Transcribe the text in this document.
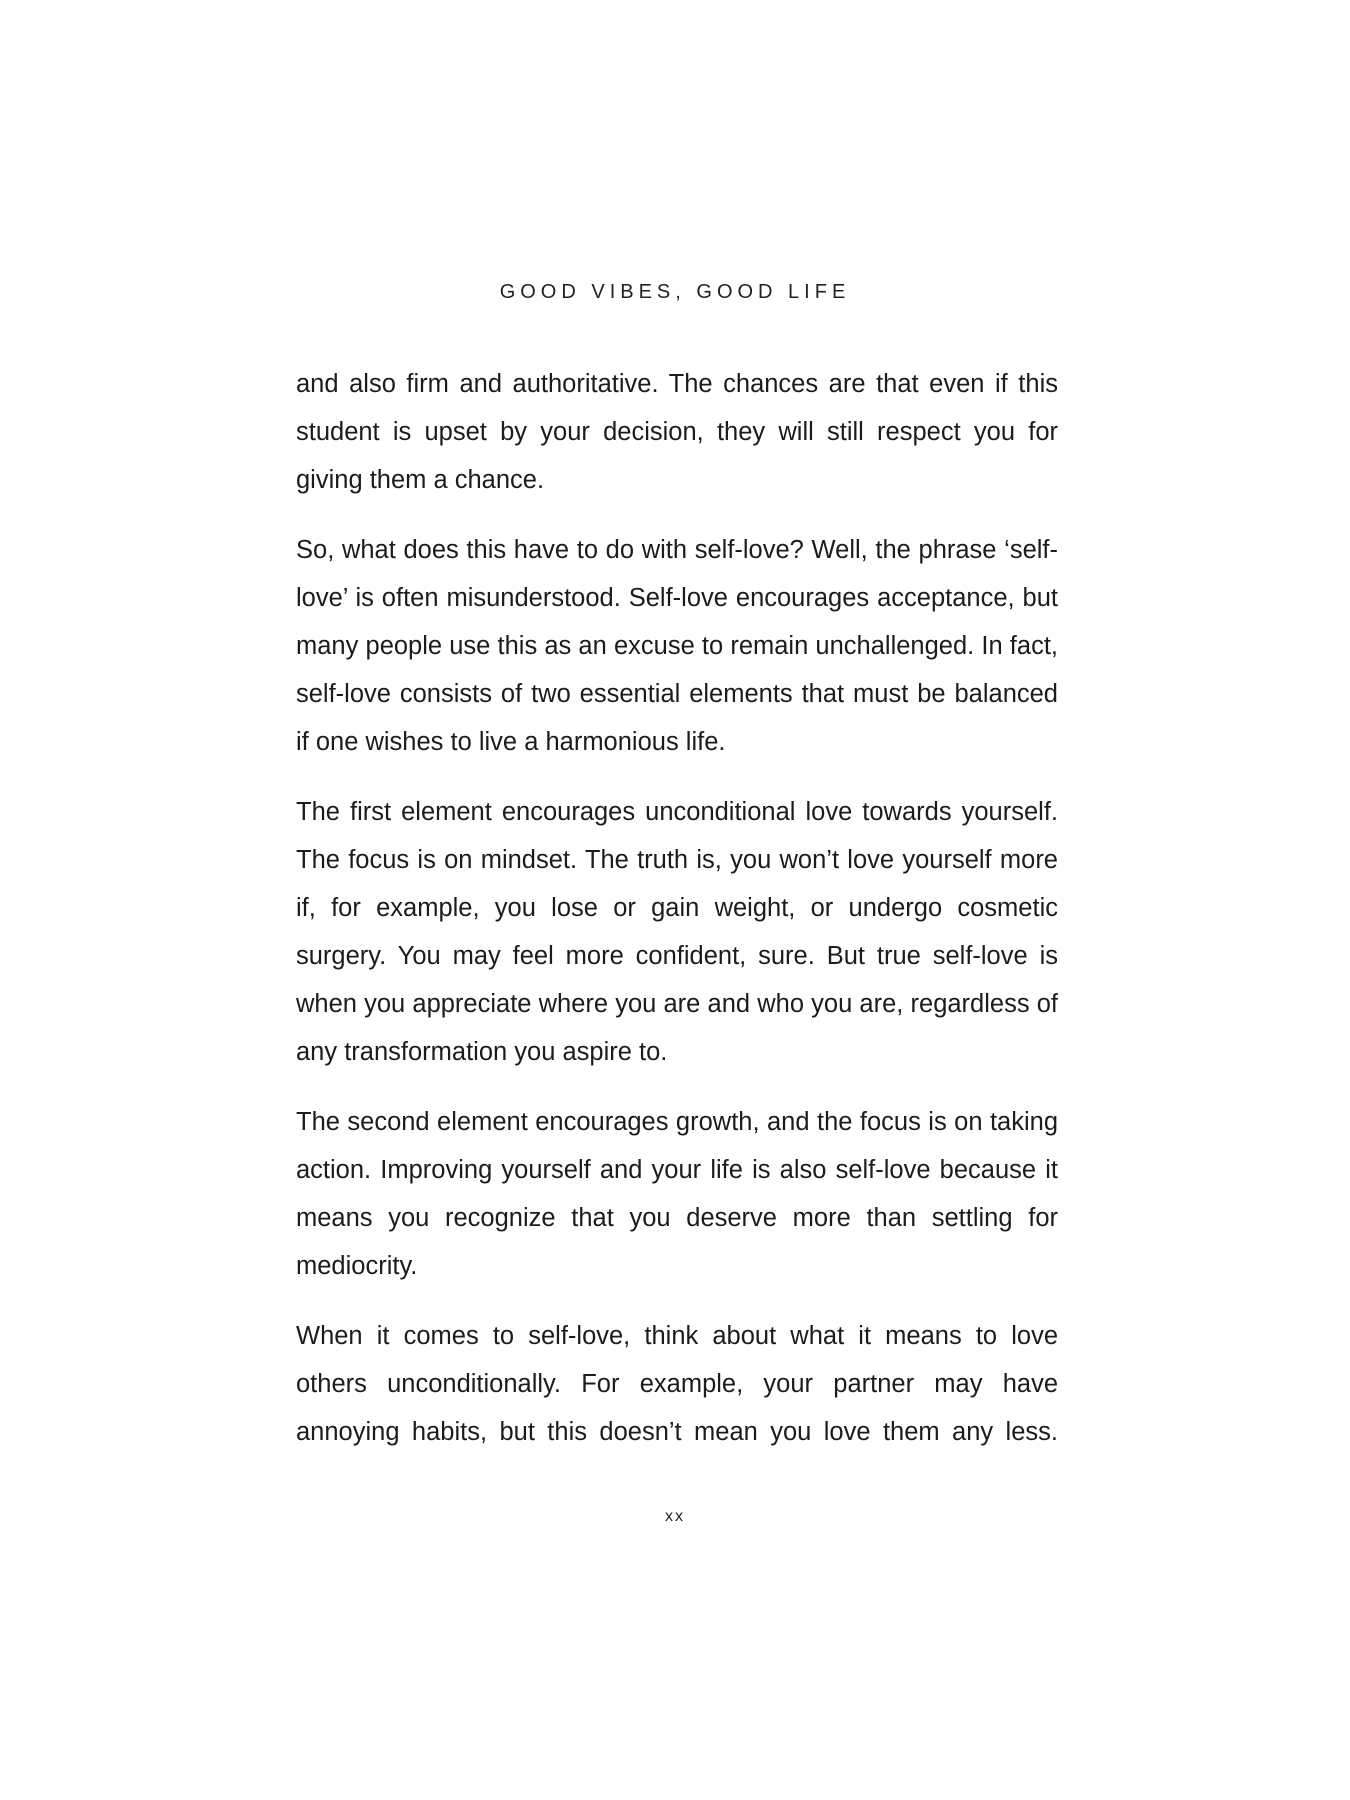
GOOD VIBES, GOOD LIFE

and also firm and authoritative. The chances are that even if this student is upset by your decision, they will still respect you for giving them a chance.

So, what does this have to do with self-love? Well, the phrase ‘self-love’ is often misunderstood. Self-love encourages acceptance, but many people use this as an excuse to remain unchallenged. In fact, self-love consists of two essential elements that must be balanced if one wishes to live a harmonious life.

The first element encourages unconditional love towards yourself. The focus is on mindset. The truth is, you won’t love yourself more if, for example, you lose or gain weight, or undergo cosmetic surgery. You may feel more confident, sure. But true self-love is when you appreciate where you are and who you are, regardless of any transformation you aspire to.

The second element encourages growth, and the focus is on taking action. Improving yourself and your life is also self-love because it means you recognize that you deserve more than settling for mediocrity.

When it comes to self-love, think about what it means to love others unconditionally. For example, your partner may have annoying habits, but this doesn’t mean you love them any less.

xx
